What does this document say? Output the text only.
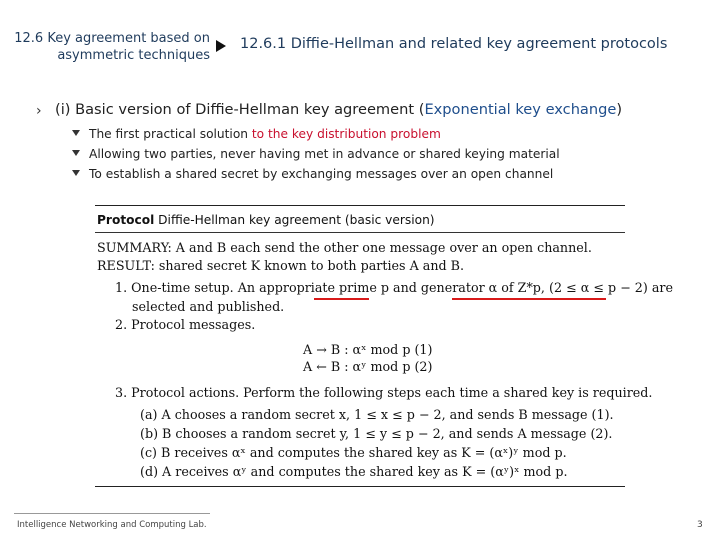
12.6 Key agreement based on asymmetric techniques
12.6.1 Diffie-Hellman and related key agreement protocols
› (i) Basic version of Diffie-Hellman key agreement (Exponential key exchange)
The first practical solution to the key distribution problem
Allowing two parties, never having met in advance or shared keying material
To establish a shared secret by exchanging messages over an open channel
Protocol Diffie-Hellman key agreement (basic version)
SUMMARY: A and B each send the other one message over an open channel.
RESULT: shared secret K known to both parties A and B.
1. One-time setup. An appropriate prime p and generator α of Z*p, (2 ≤ α ≤ p − 2) are
selected and published.
2. Protocol messages.
A → B : αˣ mod p (1)
A ← B : αʸ mod p (2)
3. Protocol actions. Perform the following steps each time a shared key is required.
(a) A chooses a random secret x, 1 ≤ x ≤ p − 2, and sends B message (1).
(b) B chooses a random secret y, 1 ≤ y ≤ p − 2, and sends A message (2).
(c) B receives αˣ and computes the shared key as K = (αˣ)ʸ mod p.
(d) A receives αʸ and computes the shared key as K = (αʸ)ˣ mod p.
Intelligence Networking and Computing Lab.	3
